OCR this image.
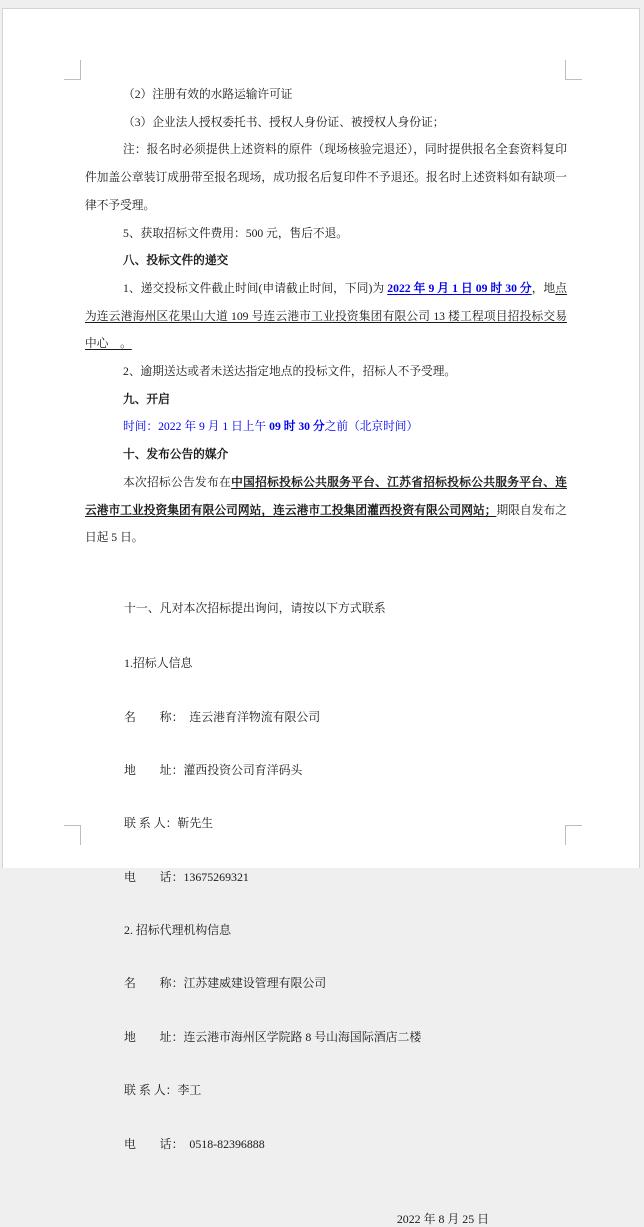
（2）注册有效的水路运输许可证

（3）企业法人授权委托书、授权人身份证、被授权人身份证；

注：报名时必须提供上述资料的原件（现场核验完退还），同时提供报名全套资料复印件加盖公章装订成册带至报名现场，成功报名后复印件不予退还。报名时上述资料如有缺项一律不予受理。

5、获取招标文件费用：500 元，售后不退。

八、投标文件的递交

1、递交投标文件截止时间(申请截止时间，下同)为 2022 年 9 月 1 日 09 时 30 分，地点为连云港海州区花果山大道 109 号连云港市工业投资集团有限公司 13 楼工程项目招投标交易中心　。

2、逾期送达或者未送达指定地点的投标文件，招标人不予受理。

九、开启

时间：2022 年 9 月 1 日上午 09 时 30 分之前（北京时间）

十、发布公告的媒介

本次招标公告发布在中国招标投标公共服务平台、江苏省招标投标公共服务平台、连云港市工业投资集团有限公司网站，连云港市工投集团灌西投资有限公司网站；期限自发布之日起 5 日。

十一、凡对本次招标提出询问，请按以下方式联系

1.招标人信息

名　　称：　连云港育洋物流有限公司

地　　址：灌西投资公司育洋码头

联 系 人：靳先生

电　　话：13675269321

2. 招标代理机构信息

名　　称：江苏建威建设管理有限公司

地　　址：连云港市海州区学院路 8 号山海国际酒店二楼

联 系 人：李工

电　　话：　0518-82396888

2022 年 8 月 25 日
